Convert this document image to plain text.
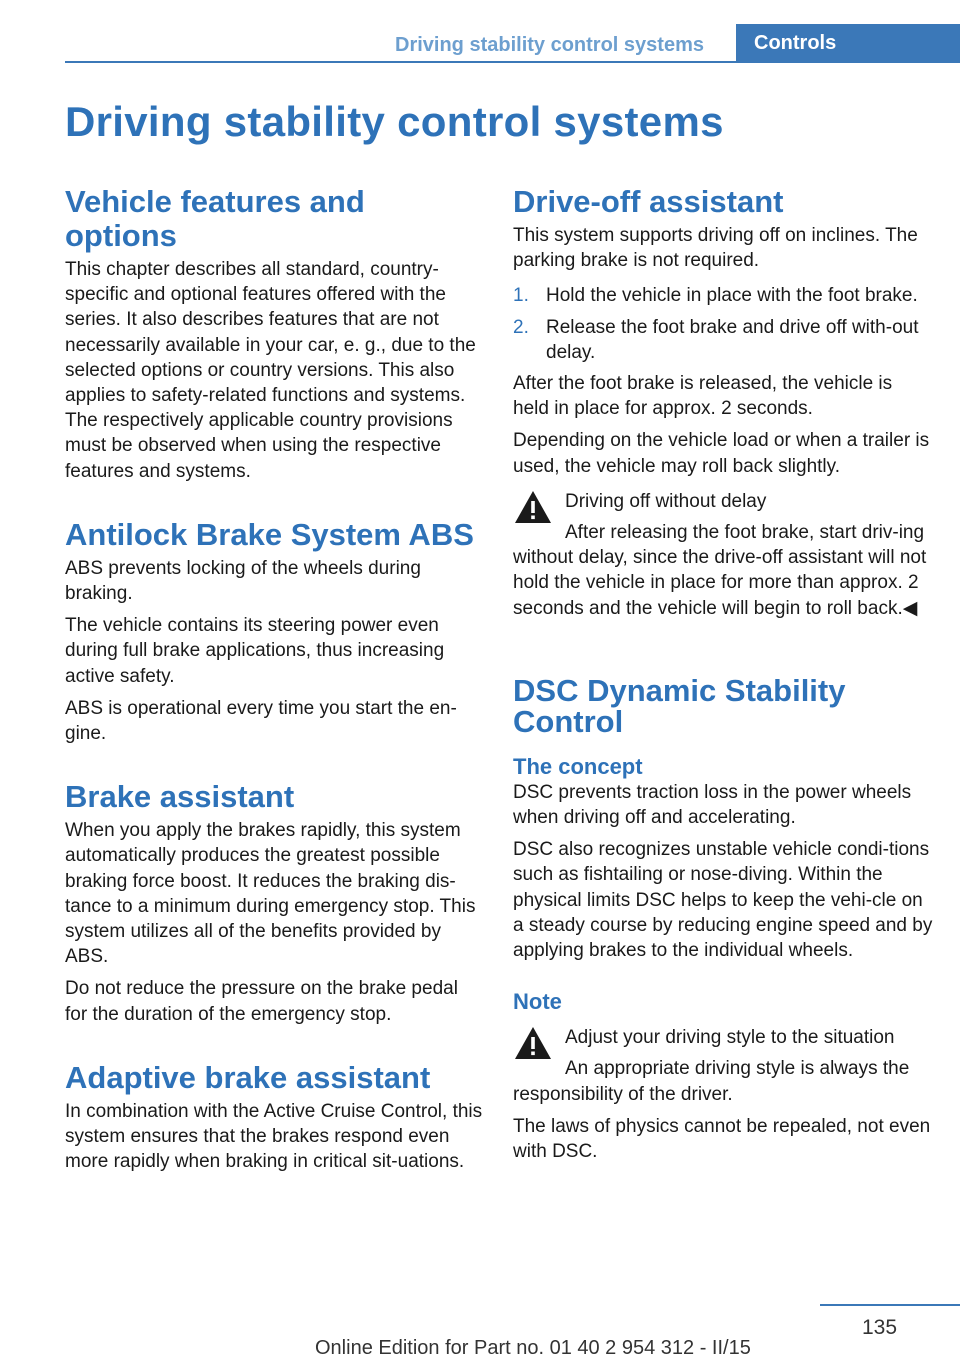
Driving stability control systems	Controls
Driving stability control systems
Vehicle features and options

This chapter describes all standard, country-specific and optional features offered with the series. It also describes features that are not necessarily available in your car, e. g., due to the selected options or country versions. This also applies to safety-related functions and systems. The respectively applicable country provisions must be observed when using the respective features and systems.

Antilock Brake System ABS

ABS prevents locking of the wheels during braking.

The vehicle contains its steering power even during full brake applications, thus increasing active safety.

ABS is operational every time you start the en‐gine.

Brake assistant

When you apply the brakes rapidly, this system automatically produces the greatest possible braking force boost. It reduces the braking dis‐tance to a minimum during emergency stop. This system utilizes all of the benefits provided by ABS.

Do not reduce the pressure on the brake pedal for the duration of the emergency stop.

Adaptive brake assistant

In combination with the Active Cruise Control, this system ensures that the brakes respond even more rapidly when braking in critical sit‐uations.

Drive-off assistant

This system supports driving off on inclines. The parking brake is not required.

1. Hold the vehicle in place with the foot brake.
2. Release the foot brake and drive off with‐out delay.

After the foot brake is released, the vehicle is held in place for approx. 2 seconds.

Depending on the vehicle load or when a trailer is used, the vehicle may roll back slightly.

Driving off without delay
After releasing the foot brake, start driv‐ing without delay, since the drive-off assistant will not hold the vehicle in place for more than approx. 2 seconds and the vehicle will begin to roll back.◀
DSC Dynamic Stability Control
The concept

DSC prevents traction loss in the power wheels when driving off and accelerating.

DSC also recognizes unstable vehicle condi‐tions such as fishtailing or nose-diving. Within the physical limits DSC helps to keep the vehi‐cle on a steady course by reducing engine speed and by applying brakes to the individual wheels.

Note
Adjust your driving style to the situation
An appropriate driving style is always the responsibility of the driver.

The laws of physics cannot be repealed, not even with DSC.

135
Online Edition for Part no. 01 40 2 954 312 - II/15
